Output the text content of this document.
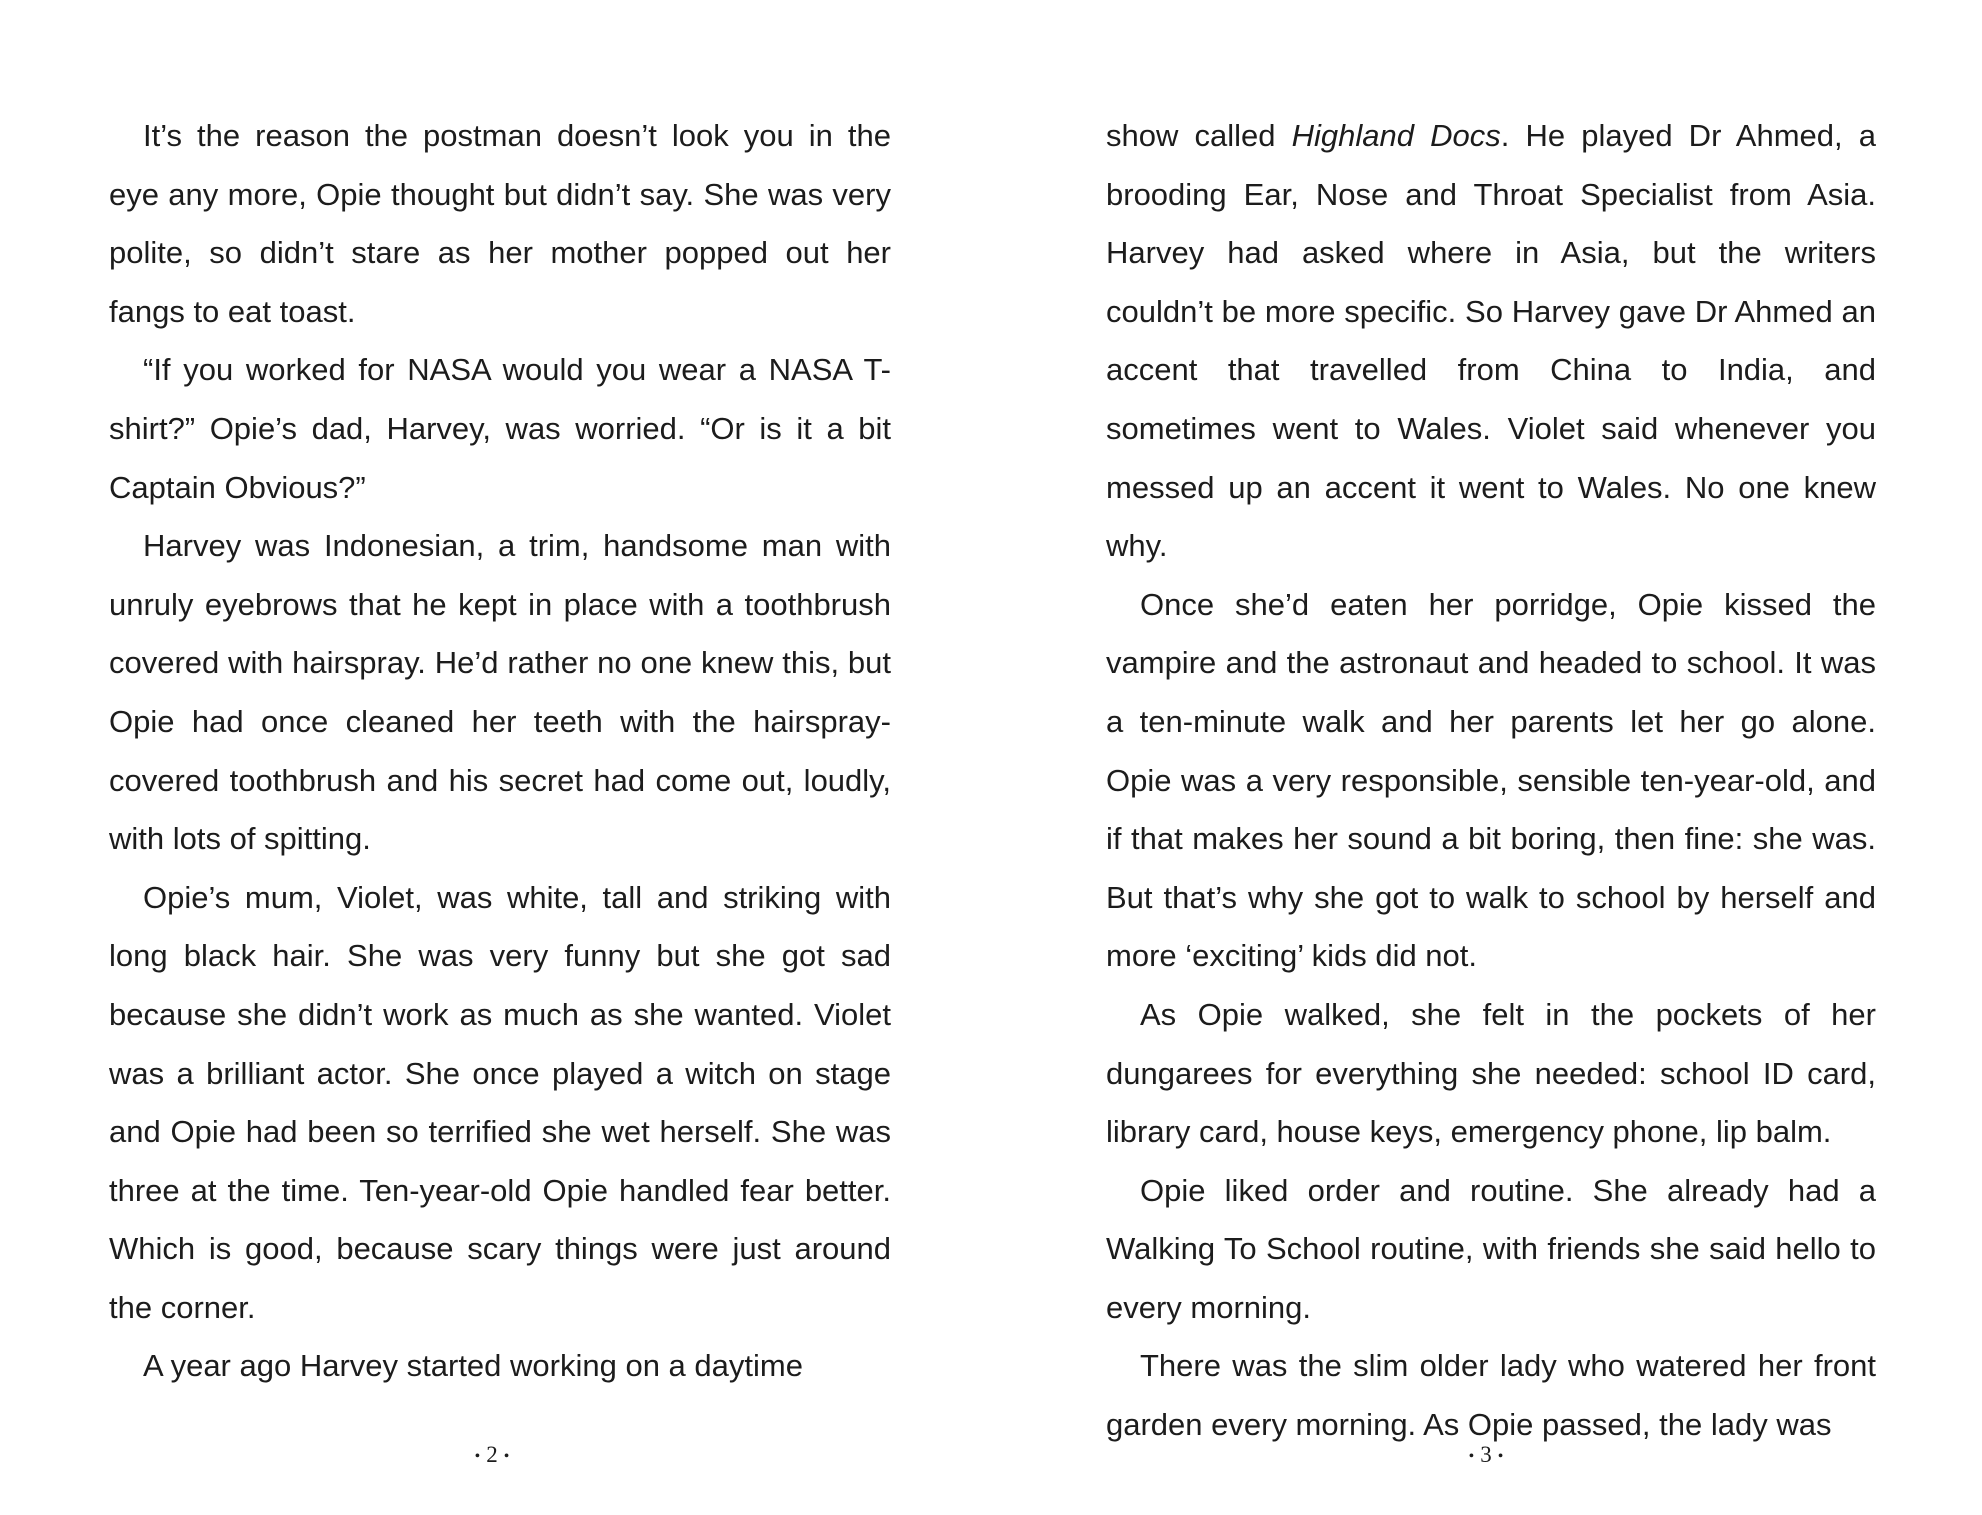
It’s the reason the postman doesn’t look you in the eye any more, Opie thought but didn’t say. She was very polite, so didn’t stare as her mother popped out her fangs to eat toast.

“If you worked for NASA would you wear a NASA T-shirt?” Opie’s dad, Harvey, was worried. “Or is it a bit Captain Obvious?”

Harvey was Indonesian, a trim, handsome man with unruly eyebrows that he kept in place with a toothbrush covered with hairspray. He’d rather no one knew this, but Opie had once cleaned her teeth with the hairspray-covered toothbrush and his secret had come out, loudly, with lots of spitting.

Opie’s mum, Violet, was white, tall and striking with long black hair. She was very funny but she got sad because she didn’t work as much as she wanted. Violet was a brilliant actor. She once played a witch on stage and Opie had been so terrified she wet herself. She was three at the time. Ten-year-old Opie handled fear better. Which is good, because scary things were just around the corner.

A year ago Harvey started working on a daytime

• 2 •

show called Highland Docs. He played Dr Ahmed, a brooding Ear, Nose and Throat Specialist from Asia. Harvey had asked where in Asia, but the writers couldn’t be more specific. So Harvey gave Dr Ahmed an accent that travelled from China to India, and sometimes went to Wales. Violet said whenever you messed up an accent it went to Wales. No one knew why.

Once she’d eaten her porridge, Opie kissed the vampire and the astronaut and headed to school. It was a ten-minute walk and her parents let her go alone. Opie was a very responsible, sensible ten-year-old, and if that makes her sound a bit boring, then fine: she was. But that’s why she got to walk to school by herself and more ‘exciting’ kids did not.

As Opie walked, she felt in the pockets of her dungarees for everything she needed: school ID card, library card, house keys, emergency phone, lip balm.

Opie liked order and routine. She already had a Walking To School routine, with friends she said hello to every morning.

There was the slim older lady who watered her front garden every morning. As Opie passed, the lady was

• 3 •
